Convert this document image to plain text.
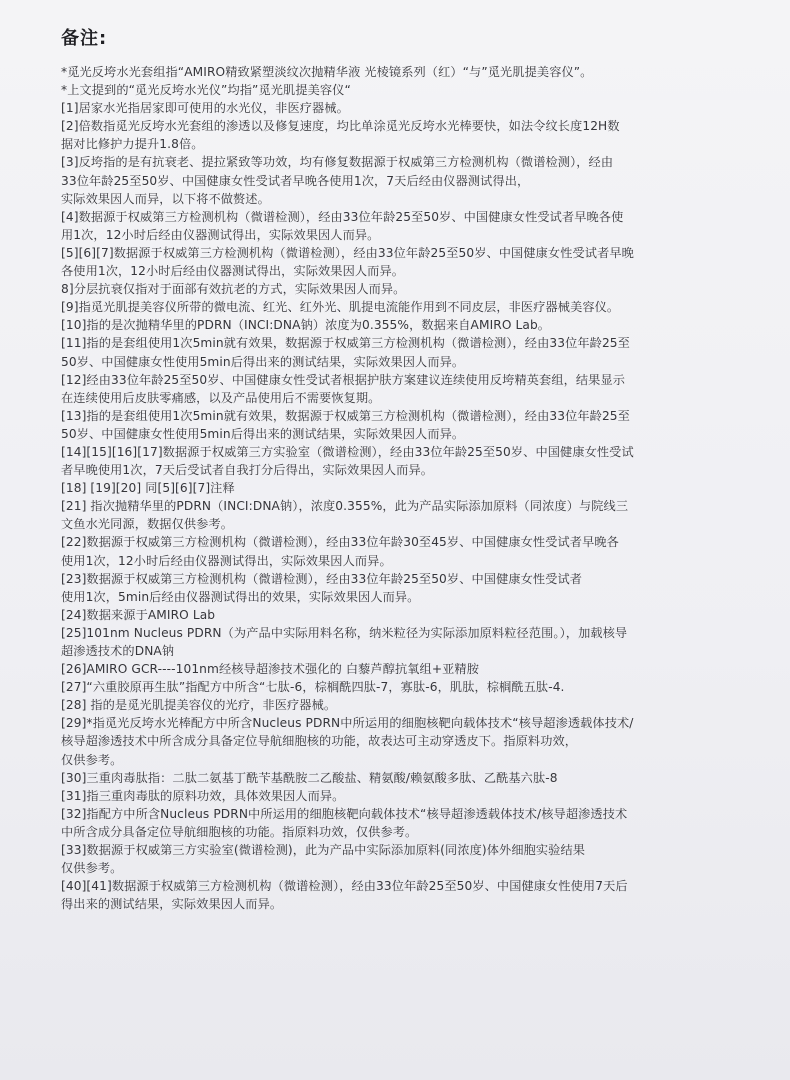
备注:
*觅光反垮水光套组指“AMIRO精致紧塑淡纹次抛精华液 光棱镜系列（红）“与”觅光肌提美容仪”。
*上文提到的“觅光反垮水光仪”均指”觅光肌提美容仪“
[1]居家水光指居家即可使用的水光仪，非医疗器械。
[2]倍数指觅光反垮水光套组的渗透以及修复速度，均比单涂觅光反垮水光棒要快，如法令纹长度12H数
据对比修护力提升1.8倍。
[3]反垮指的是有抗衰老、提拉紧致等功效，均有修复数据源于权威第三方检测机构（微谱检测），经由
33位年龄25至50岁、中国健康女性受试者早晚各使用1次，7天后经由仪器测试得出，
实际效果因人而异，以下将不做赘述。
[4]数据源于权威第三方检测机构（微谱检测），经由33位年龄25至50岁、中国健康女性受试者早晚各使
用1次，12小时后经由仪器测试得出，实际效果因人而异。
[5][6][7]数据源于权威第三方检测机构（微谱检测），经由33位年龄25至50岁、中国健康女性受试者早晚
各使用1次，12小时后经由仪器测试得出，实际效果因人而异。
8]分层抗衰仅指对于面部有效抗老的方式，实际效果因人而异。
[9]指觅光肌提美容仪所带的微电流、红光、红外光、肌提电流能作用到不同皮层，非医疗器械美容仪。
[10]指的是次抛精华里的PDRN（INCI:DNA钠）浓度为0.355%，数据来自AMIRO Lab。
[11]指的是套组使用1次5min就有效果，数据源于权威第三方检测机构（微谱检测），经由33位年龄25至
50岁、中国健康女性使用5min后得出来的测试结果，实际效果因人而异。
[12]经由33位年龄25至50岁、中国健康女性受试者根据护肤方案建议连续使用反垮精英套组，结果显示
在连续使用后皮肤零痛感，以及产品使用后不需要恢复期。
[13]指的是套组使用1次5min就有效果，数据源于权威第三方检测机构（微谱检测），经由33位年龄25至
50岁、中国健康女性使用5min后得出来的测试结果，实际效果因人而异。
[14][15][16][17]数据源于权威第三方实验室（微谱检测），经由33位年龄25至50岁、中国健康女性受试
者早晚使用1次，7天后受试者自我打分后得出，实际效果因人而异。
[18] [19][20] 同[5][6][7]注释
[21] 指次抛精华里的PDRN（INCI:DNA钠），浓度0.355%，此为产品实际添加原料（同浓度）与院线三
文鱼水光同源，数据仅供参考。
[22]数据源于权威第三方检测机构（微谱检测），经由33位年龄30至45岁、中国健康女性受试者早晚各
使用1次，12小时后经由仪器测试得出，实际效果因人而异。
[23]数据源于权威第三方检测机构（微谱检测），经由33位年龄25至50岁、中国健康女性受试者
使用1次，5min后经由仪器测试得出的效果，实际效果因人而异。
[24]数据来源于AMIRO Lab
[25]101nm Nucleus PDRN（为产品中实际用料名称，纳米粒径为实际添加原料粒径范围。），加载核导
超渗透技术的DNA钠
[26]AMIRO GCR----101nm经核导超渗技术强化的 白藜芦醇抗氧组+亚精胺
[27]“六重胶原再生肽”指配方中所含“七肽-6，棕榈酰四肽-7，寡肽-6，肌肽，棕榈酰五肽-4.
[28] 指的是觅光肌提美容仪的光疗，非医疗器械。
[29]*指觅光反垮水光棒配方中所含Nucleus PDRN中所运用的细胞核靶向载体技术“核导超渗透载体技术/
核导超渗透技术中所含成分具备定位导航细胞核的功能，故表达可主动穿透皮下。指原料功效，
仅供参考。
[30]三重肉毒肽指：二肽二氨基丁酰苄基酰胺二乙酸盐、精氨酸/赖氨酸多肽、乙酰基六肽-8
[31]指三重肉毒肽的原料功效，具体效果因人而异。
[32]指配方中所含Nucleus PDRN中所运用的细胞核靶向载体技术“核导超渗透载体技术/核导超渗透技术
中所含成分具备定位导航细胞核的功能。指原料功效，仅供参考。
[33]数据源于权威第三方实验室(微谱检测)，此为产品中实际添加原料(同浓度)体外细胞实验结果
仅供参考。
[40][41]数据源于权威第三方检测机构（微谱检测），经由33位年龄25至50岁、中国健康女性使用7天后
得出来的测试结果，实际效果因人而异。
